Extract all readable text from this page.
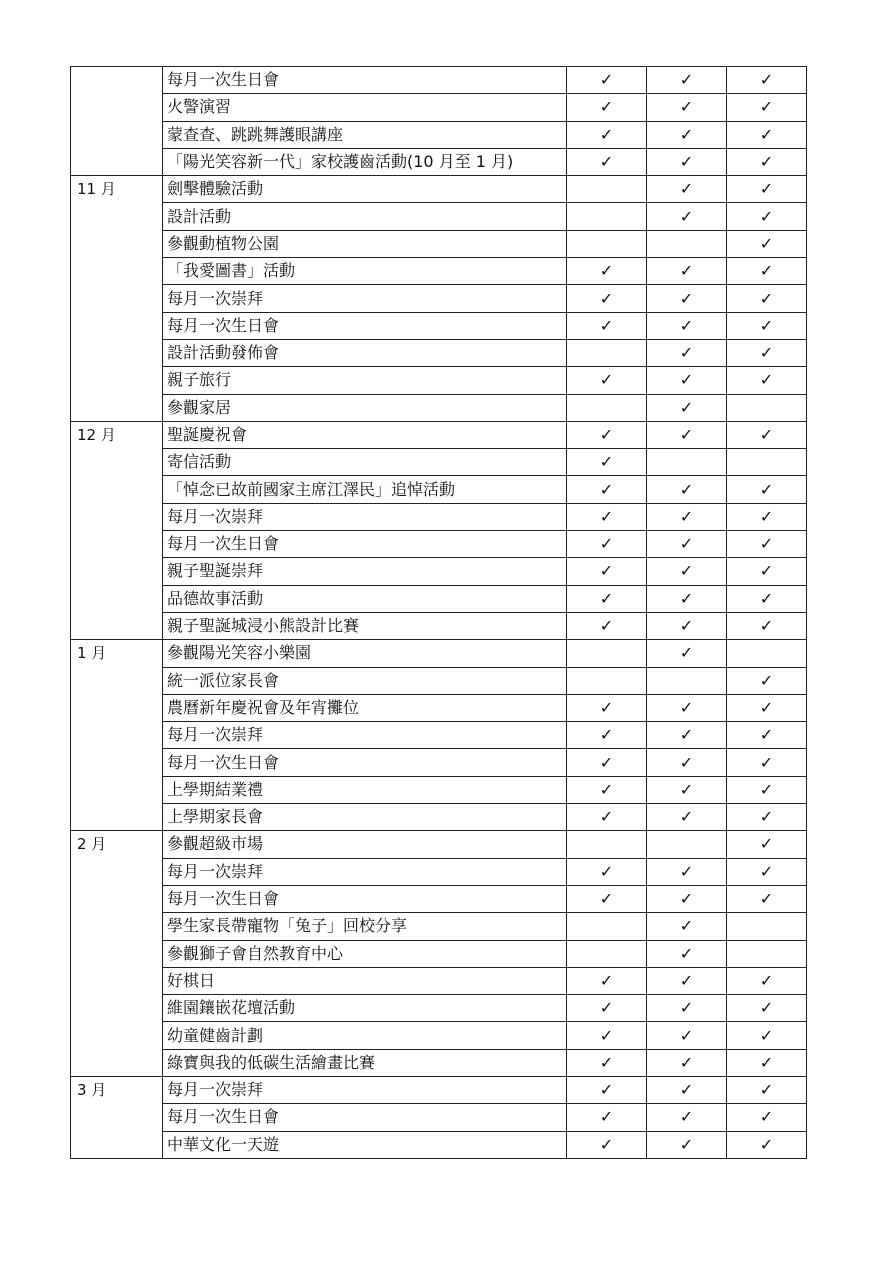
	每月一次生日會	✓	✓	✓
	火警演習	✓	✓	✓
	蒙查查、跳跳舞護眼講座	✓	✓	✓
	「陽光笑容新一代」家校護齒活動(10 月至 1 月)	✓	✓	✓
11 月	劍擊體驗活動		✓	✓
	設計活動		✓	✓
	參觀動植物公園			✓
	「我愛圖書」活動	✓	✓	✓
	每月一次崇拜	✓	✓	✓
	每月一次生日會	✓	✓	✓
	設計活動發佈會		✓	✓
	親子旅行	✓	✓	✓
	參觀家居		✓	
12 月	聖誕慶祝會	✓	✓	✓
	寄信活動	✓		
	「悼念已故前國家主席江澤民」追悼活動	✓	✓	✓
	每月一次崇拜	✓	✓	✓
	每月一次生日會	✓	✓	✓
	親子聖誕崇拜	✓	✓	✓
	品德故事活動	✓	✓	✓
	親子聖誕城浸小熊設計比賽	✓	✓	✓
1 月	參觀陽光笑容小樂園		✓	
	統一派位家長會			✓
	農曆新年慶祝會及年宵攤位	✓	✓	✓
	每月一次崇拜	✓	✓	✓
	每月一次生日會	✓	✓	✓
	上學期結業禮	✓	✓	✓
	上學期家長會	✓	✓	✓
2 月	參觀超級市場			✓
	每月一次崇拜	✓	✓	✓
	每月一次生日會	✓	✓	✓
	學生家長帶寵物「兔子」回校分享		✓	
	參觀獅子會自然教育中心		✓	
	好棋日	✓	✓	✓
	維園鑲嵌花壇活動	✓	✓	✓
	幼童健齒計劃	✓	✓	✓
	綠寶與我的低碳生活繪畫比賽	✓	✓	✓
3 月	每月一次崇拜	✓	✓	✓
	每月一次生日會	✓	✓	✓
	中華文化一天遊	✓	✓	✓
